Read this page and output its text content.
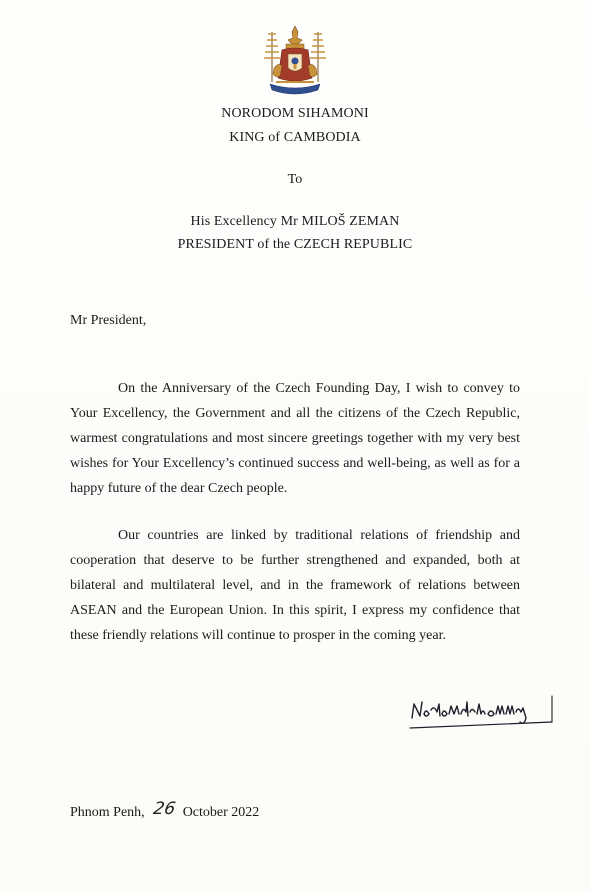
NORODOM SIHAMONI
KING of CAMBODIA
To
His Excellency Mr MILOŠ ZEMAN
PRESIDENT of the CZECH REPUBLIC
Mr President,

On the Anniversary of the Czech Founding Day, I wish to convey to Your Excellency, the Government and all the citizens of the Czech Republic, warmest congratulations and most sincere greetings together with my very best wishes for Your Excellency’s continued success and well-being, as well as for a happy future of the dear Czech people.

Our countries are linked by traditional relations of friendship and cooperation that deserve to be further strengthened and expanded, both at bilateral and multilateral level, and in the framework of relations between ASEAN and the European Union. In this spirit, I express my confidence that these friendly relations will continue to prosper in the coming year.

Phnom Penh, 26 October 2022
